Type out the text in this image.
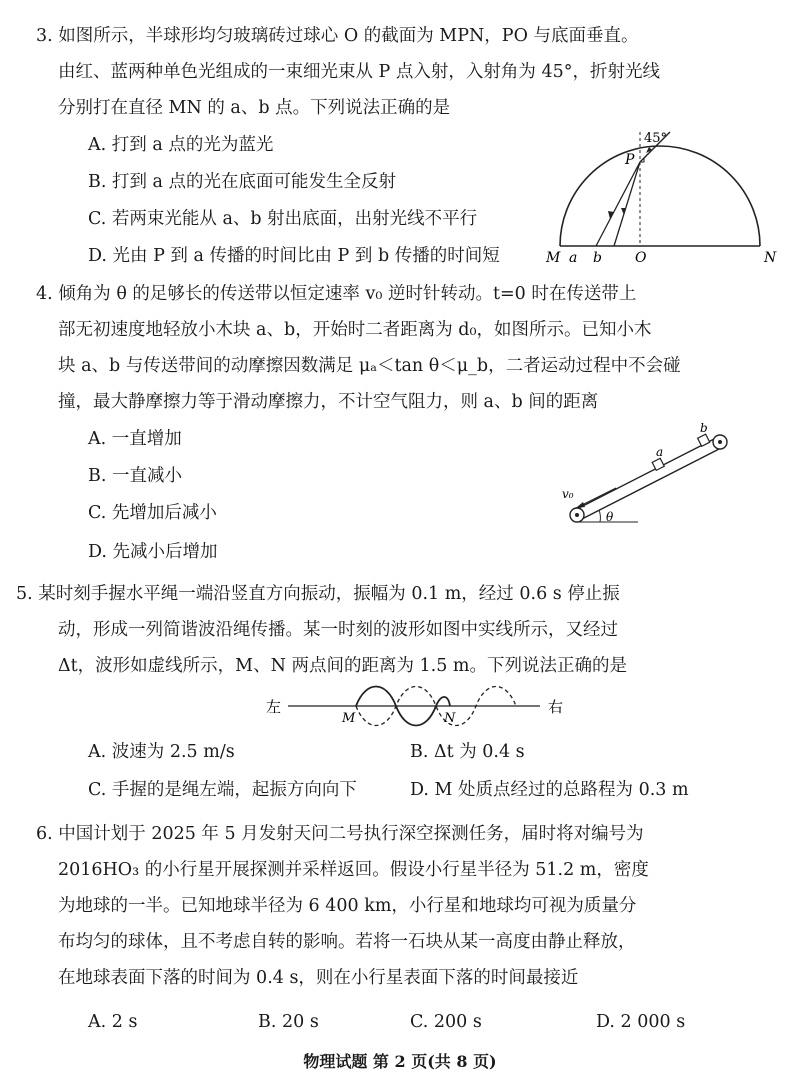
3. 如图所示，半球形均匀玻璃砖过球心 O 的截面为 MPN，PO 与底面垂直。
由红、蓝两种单色光组成的一束细光束从 P 点入射，入射角为 45°，折射光线
分别打在直径 MN 的 a、b 点。下列说法正确的是
A. 打到 a 点的光为蓝光
B. 打到 a 点的光在底面可能发生全反射
C. 若两束光能从 a、b 射出底面，出射光线不平行
D. 光由 P 到 a 传播的时间比由 P 到 b 传播的时间短
45°
P
M a b O	N
4. 倾角为 θ 的足够长的传送带以恒定速率 v₀ 逆时针转动。t=0 时在传送带上
部无初速度地轻放小木块 a、b，开始时二者距离为 d₀，如图所示。已知小木
块 a、b 与传送带间的动摩擦因数满足 μₐ＜tan θ＜μ_b，二者运动过程中不会碰
撞，最大静摩擦力等于滑动摩擦力，不计空气阻力，则 a、b 间的距离
A. 一直增加
B. 一直减小
C. 先增加后减小
D. 先减小后增加
a
b
v₀
θ
5. 某时刻手握水平绳一端沿竖直方向振动，振幅为 0.1 m，经过 0.6 s 停止振
动，形成一列简谐波沿绳传播。某一时刻的波形如图中实线所示，又经过
Δt，波形如虚线所示，M、N 两点间的距离为 1.5 m。下列说法正确的是
左	右
M	N
A. 波速为 2.5 m/s	B. Δt 为 0.4 s
C. 手握的是绳左端，起振方向向下	D. M 处质点经过的总路程为 0.3 m
6. 中国计划于 2025 年 5 月发射天问二号执行深空探测任务，届时将对编号为
2016HO₃ 的小行星开展探测并采样返回。假设小行星半径为 51.2 m，密度
为地球的一半。已知地球半径为 6 400 km，小行星和地球均可视为质量分
布均匀的球体，且不考虑自转的影响。若将一石块从某一高度由静止释放，
在地球表面下落的时间为 0.4 s，则在小行星表面下落的时间最接近
A. 2 s	B. 20 s	C. 200 s	D. 2 000 s
物理试题 第 2 页(共 8 页)
